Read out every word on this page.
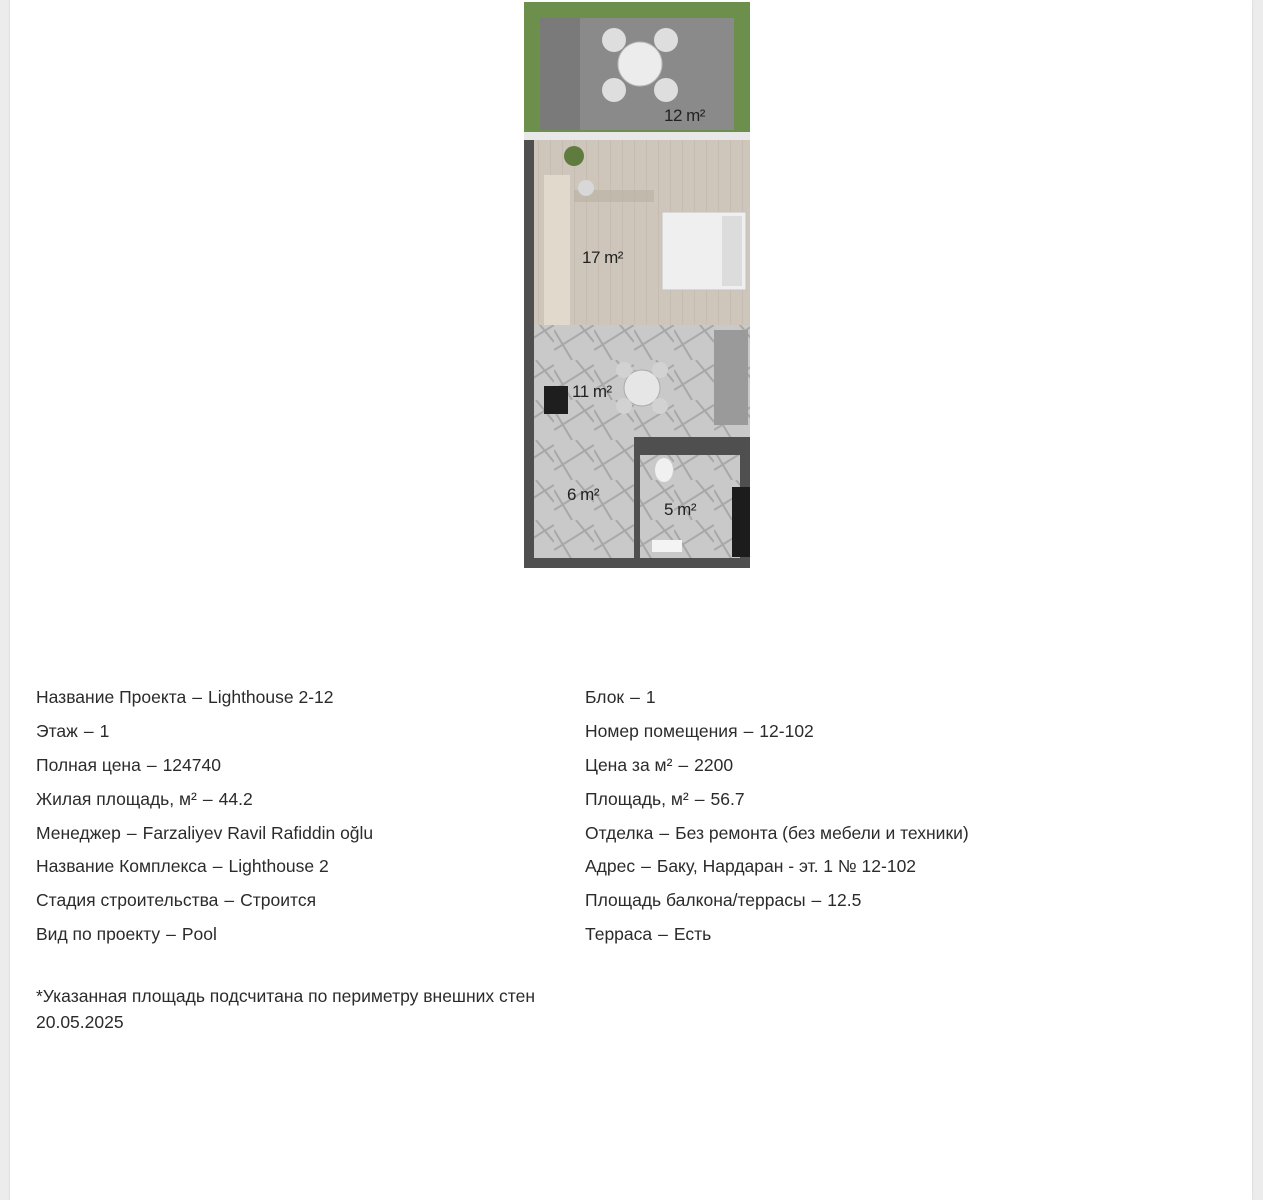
12 m²
17 m²
11 m²
6 m²
5 m²
Название Проекта – Lighthouse 2-12
Этаж – 1
Полная цена – 124740
Жилая площадь, м² – 44.2
Менеджер – Farzaliyev Ravil Rafiddin oğlu
Название Комплекса – Lighthouse 2
Стадия строительства – Строится
Вид по проекту – Pool
Блок – 1
Номер помещения – 12-102
Цена за м² – 2200
Площадь, м² – 56.7
Отделка – Без ремонта (без мебели и техники)
Адрес – Баку, Нардаран - эт. 1 № 12-102
Площадь балкона/террасы – 12.5
Терраса – Есть
*Указанная площадь подсчитана по периметру внешних стен
20.05.2025
